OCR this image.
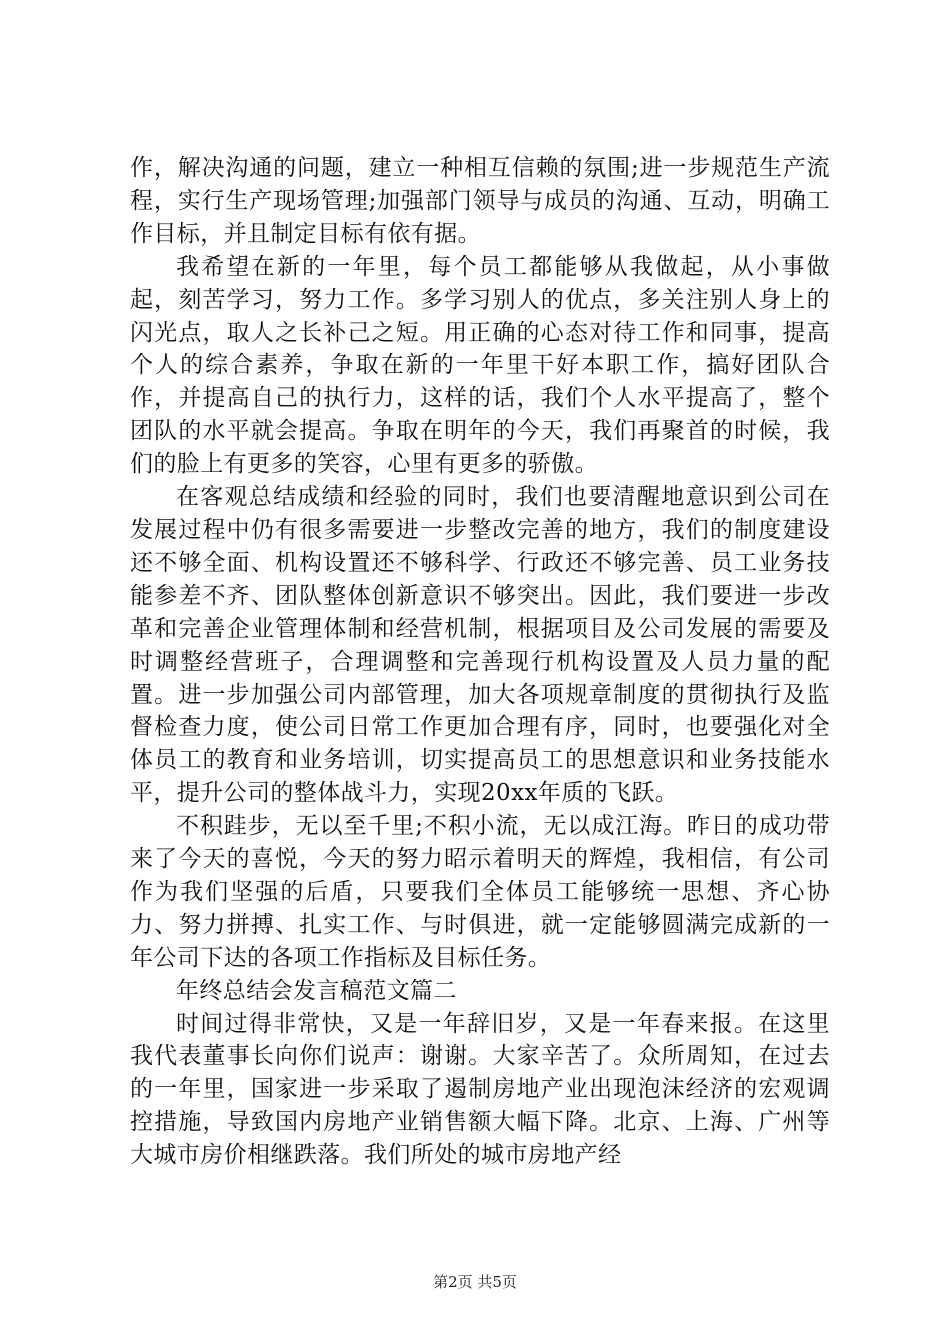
作，解决沟通的问题，建立一种相互信赖的氛围;进一步规范生产流程，实行生产现场管理;加强部门领导与成员的沟通、互动，明确工作目标，并且制定目标有依有据。

我希望在新的一年里，每个员工都能够从我做起，从小事做起，刻苦学习，努力工作。多学习别人的优点，多关注别人身上的闪光点，取人之长补己之短。用正确的心态对待工作和同事，提高个人的综合素养，争取在新的一年里干好本职工作，搞好团队合作，并提高自己的执行力，这样的话，我们个人水平提高了，整个团队的水平就会提高。争取在明年的今天，我们再聚首的时候，我们的脸上有更多的笑容，心里有更多的骄傲。

在客观总结成绩和经验的同时，我们也要清醒地意识到公司在发展过程中仍有很多需要进一步整改完善的地方，我们的制度建设还不够全面、机构设置还不够科学、行政还不够完善、员工业务技能参差不齐、团队整体创新意识不够突出。因此，我们要进一步改革和完善企业管理体制和经营机制，根据项目及公司发展的需要及时调整经营班子，合理调整和完善现行机构设置及人员力量的配置。进一步加强公司内部管理，加大各项规章制度的贯彻执行及监督检查力度，使公司日常工作更加合理有序，同时，也要强化对全体员工的教育和业务培训，切实提高员工的思想意识和业务技能水平，提升公司的整体战斗力，实现20xx年质的飞跃。

不积跬步，无以至千里;不积小流，无以成江海。昨日的成功带来了今天的喜悦，今天的努力昭示着明天的辉煌，我相信，有公司作为我们坚强的后盾，只要我们全体员工能够统一思想、齐心协力、努力拼搏、扎实工作、与时俱进，就一定能够圆满完成新的一年公司下达的各项工作指标及目标任务。

年终总结会发言稿范文篇二

时间过得非常快，又是一年辞旧岁，又是一年春来报。在这里我代表董事长向你们说声：谢谢。大家辛苦了。众所周知，在过去的一年里，国家进一步采取了遏制房地产业出现泡沫经济的宏观调控措施，导致国内房地产业销售额大幅下降。北京、上海、广州等大城市房价相继跌落。我们所处的城市房地产经

第2页 共5页
